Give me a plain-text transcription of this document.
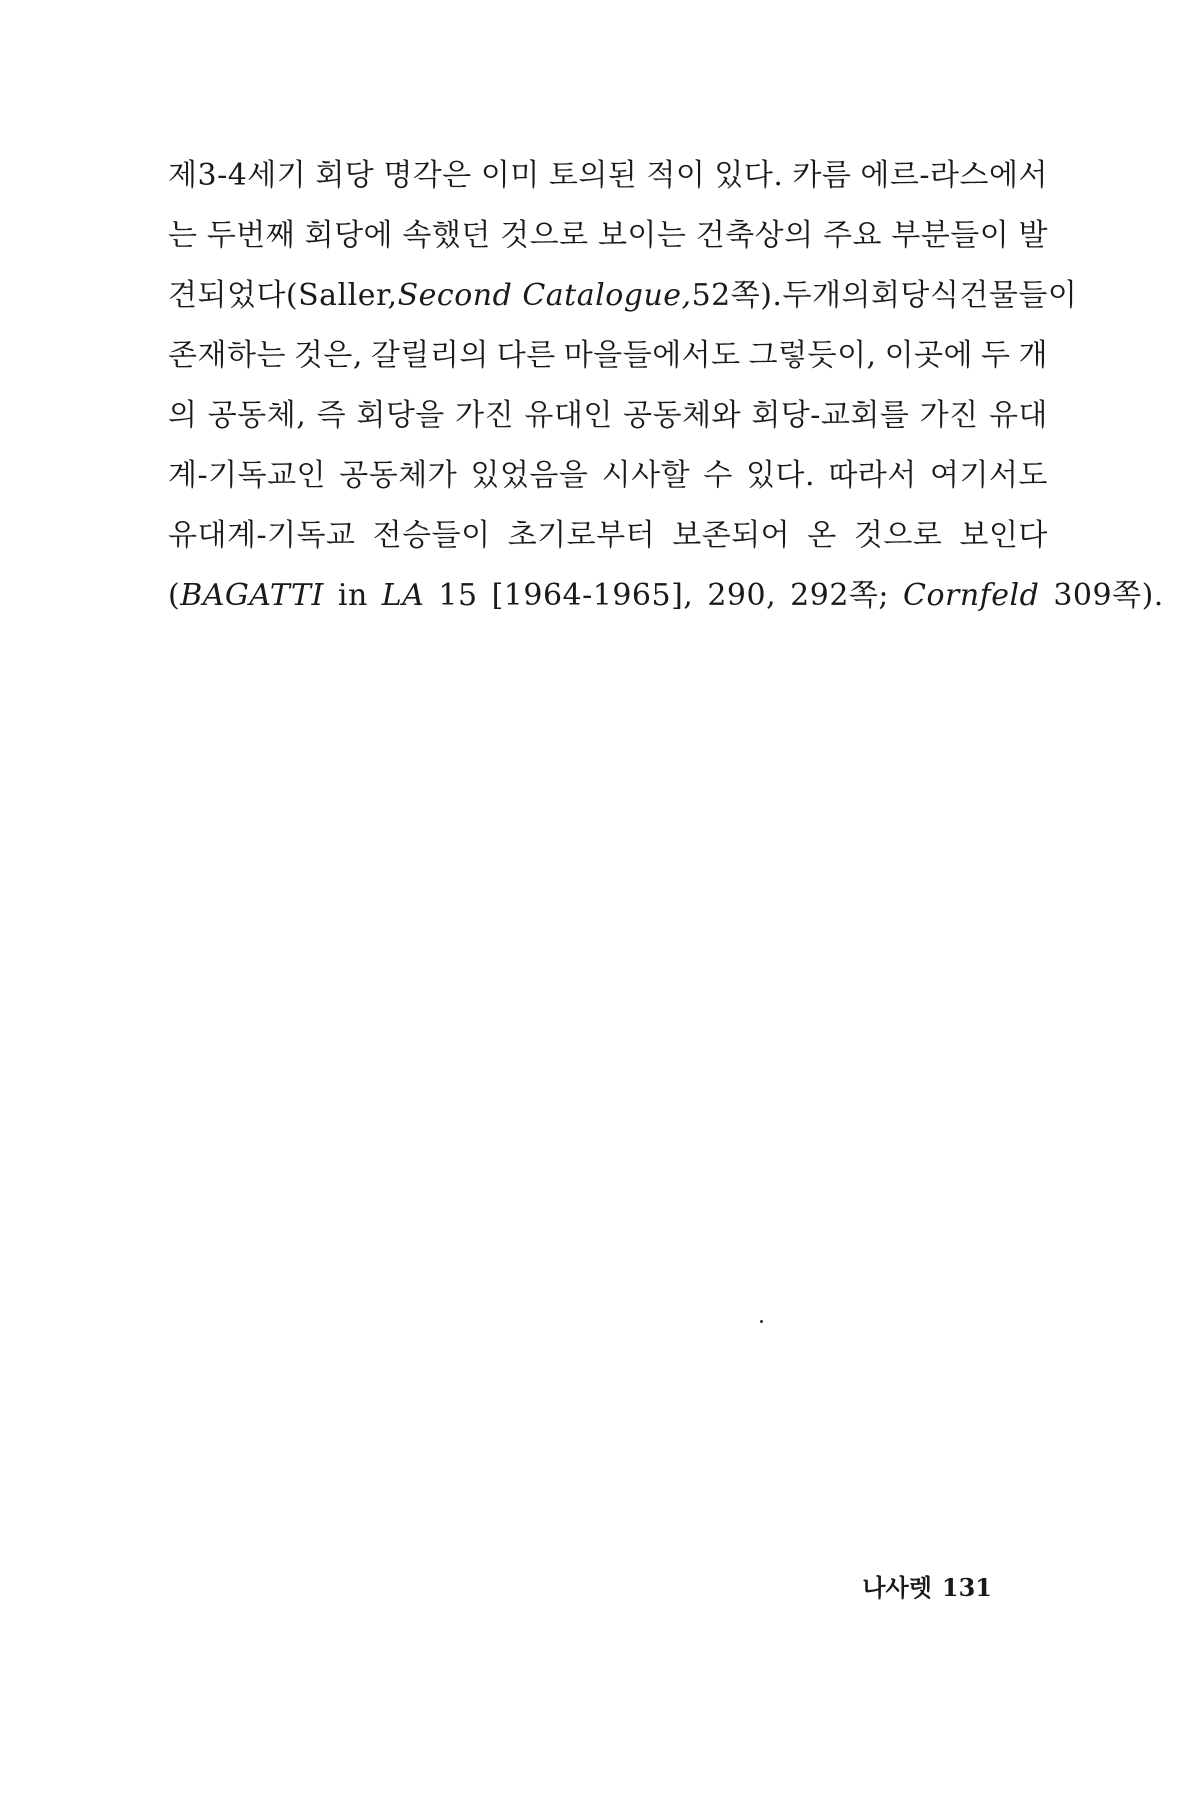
제3-4세기 회당 명각은 이미 토의된 적이 있다. 카름 에르-라스에서
는 두번째 회당에 속했던 것으로 보이는 건축상의 주요 부분들이 발
견되었다(Saller, Second Catalogue, 52쪽). 두 개의 회당식 건물들이
존재하는 것은, 갈릴리의 다른 마을들에서도 그렇듯이, 이곳에 두 개
의 공동체, 즉 회당을 가진 유대인 공동체와 회당-교회를 가진 유대
계-기독교인 공동체가 있었음을 시사할 수 있다. 따라서 여기서도
유대계-기독교 전승들이 초기로부터 보존되어 온 것으로 보인다
(BAGATTI in LA 15 [1964-1965], 290, 292쪽; Cornfeld 309쪽).
나사렛 131
